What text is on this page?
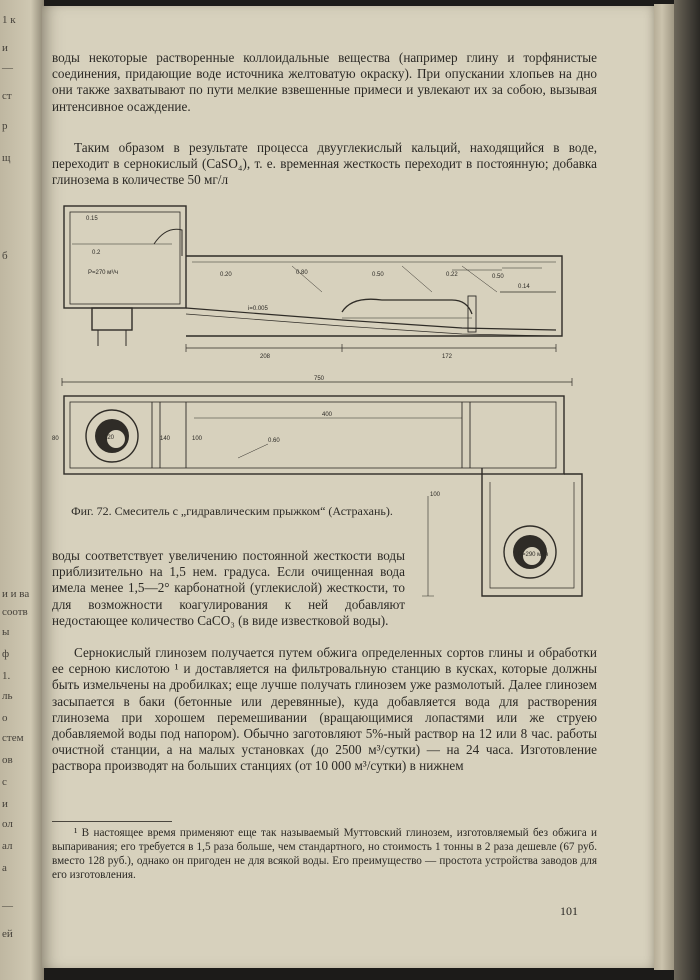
1 к
и
—
ст
р
щ
б
и и ва
соотв
ы
ф
1.
ль
о
стем
ов
с
и
ол
ал
а
—
ей

воды некоторые растворенные коллоидальные вещества (например глину и торфянистые соединения, придающие воде источника желтоватую окраску). При опускании хлопьев на дно они также захватывают по пути мелкие взвешенные примеси и увлекают их за собою, вызывая интенсивное осаждение.

Таким образом в результате процесса двууглекислый кальций, находящийся в воде, переходит в сернокислый (CaSO₄), т. е. временная жесткость переходит в постоянную; добавка глинозема в количестве 50 мг/л

0.15
0.2
Р=270 м³/ч	0.20	0.80	0.50	0.22	0.50
0.14
i=0.005
208	172
750
400
140	100
80	120
100
0.60
Р=290 м³/ч

Фиг. 72. Смеситель с „гидравлическим прыжком“ (Астрахань).

воды соответствует увеличению постоянной жесткости воды приблизительно на 1,5 нем. градуса. Если очищенная вода имела менее 1,5—2° карбонатной (углекислой) жесткости, то для возможности коагулирования к ней добавляют недостающее количество CaCO₃ (в виде известковой воды).

Сернокислый глинозем получается путем обжига определенных сортов глины и обработки ее серною кислотою ¹ и доставляется на фильтровальную станцию в кусках, которые должны быть измельчены на дробилках; еще лучше получать глинозем уже размолотый. Далее глинозем засыпается в баки (бетонные или деревянные), куда добавляется вода для растворения глинозема при хорошем перемешивании (вращающимися лопастями или же струею добавляемой воды под напором). Обычно заготовляют 5%-ный раствор на 12 или 8 час. работы очистной станции, а на малых установках (до 2500 м³/сутки) — на 24 часа. Изготовление раствора производят на больших станциях (от 10 000 м³/сутки) в нижнем

¹ В настоящее время применяют еще так называемый Муттовский глинозем, изготовляемый без обжига и выпаривания; его требуется в 1,5 раза больше, чем стандартного, но стоимость 1 тонны в 2 раза дешевле (67 руб. вместо 128 руб.), однако он пригоден не для всякой воды. Его преимущество — простота устройства заводов для его изготовления.

101
